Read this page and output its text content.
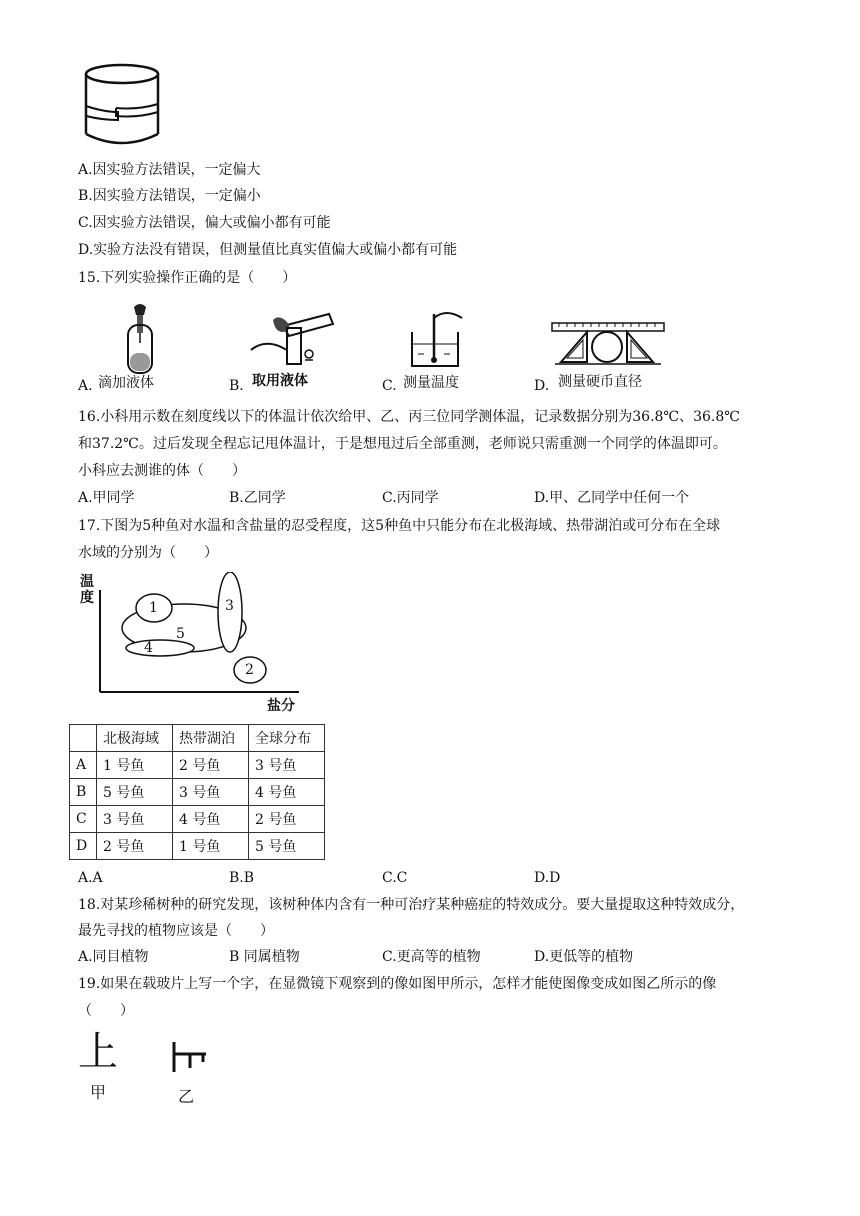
A.因实验方法错误，一定偏大
B.因实验方法错误，一定偏小
C.因实验方法错误，偏大或偏小都有可能
D.实验方法没有错误，但测量值比真实值偏大或偏小都有可能
15.下列实验操作正确的是（　　）
A. 滴加液体	B. 取用液体	C. 测量温度	D. 测量硬币直径
16.小科用示数在刻度线以下的体温计依次给甲、乙、丙三位同学测体温，记录数据分别为36.8℃、36.8℃
和37.2℃。过后发现全程忘记甩体温计，于是想甩过后全部重测，老师说只需重测一个同学的体温即可。
小科应去测谁的体（　　）
A.甲同学	B.乙同学	C.丙同学	D.甲、乙同学中任何一个
17.下图为5种鱼对水温和含盐量的忍受程度，这5种鱼中只能分布在北极海域、热带湖泊或可分布在全球
水域的分别为（　　）
温度
盐分
1
2
3
4
5
	北极海域	热带湖泊	全球分布
A	1 号鱼	2 号鱼	3 号鱼
B	5 号鱼	3 号鱼	4 号鱼
C	3 号鱼	4 号鱼	2 号鱼
D	2 号鱼	1 号鱼	5 号鱼
A.A	B.B	C.C	D.D
18.对某珍稀树种的研究发现，该树种体内含有一种可治疗某种癌症的特效成分。要大量提取这种特效成分，
最先寻找的植物应该是（　　）
A.同目植物	B 同属植物	C.更高等的植物	D.更低等的植物
19.如果在载玻片上写一个字，在显微镜下观察到的像如图甲所示，怎样才能使图像变成如图乙所示的像
（　　）
上
甲	乙
